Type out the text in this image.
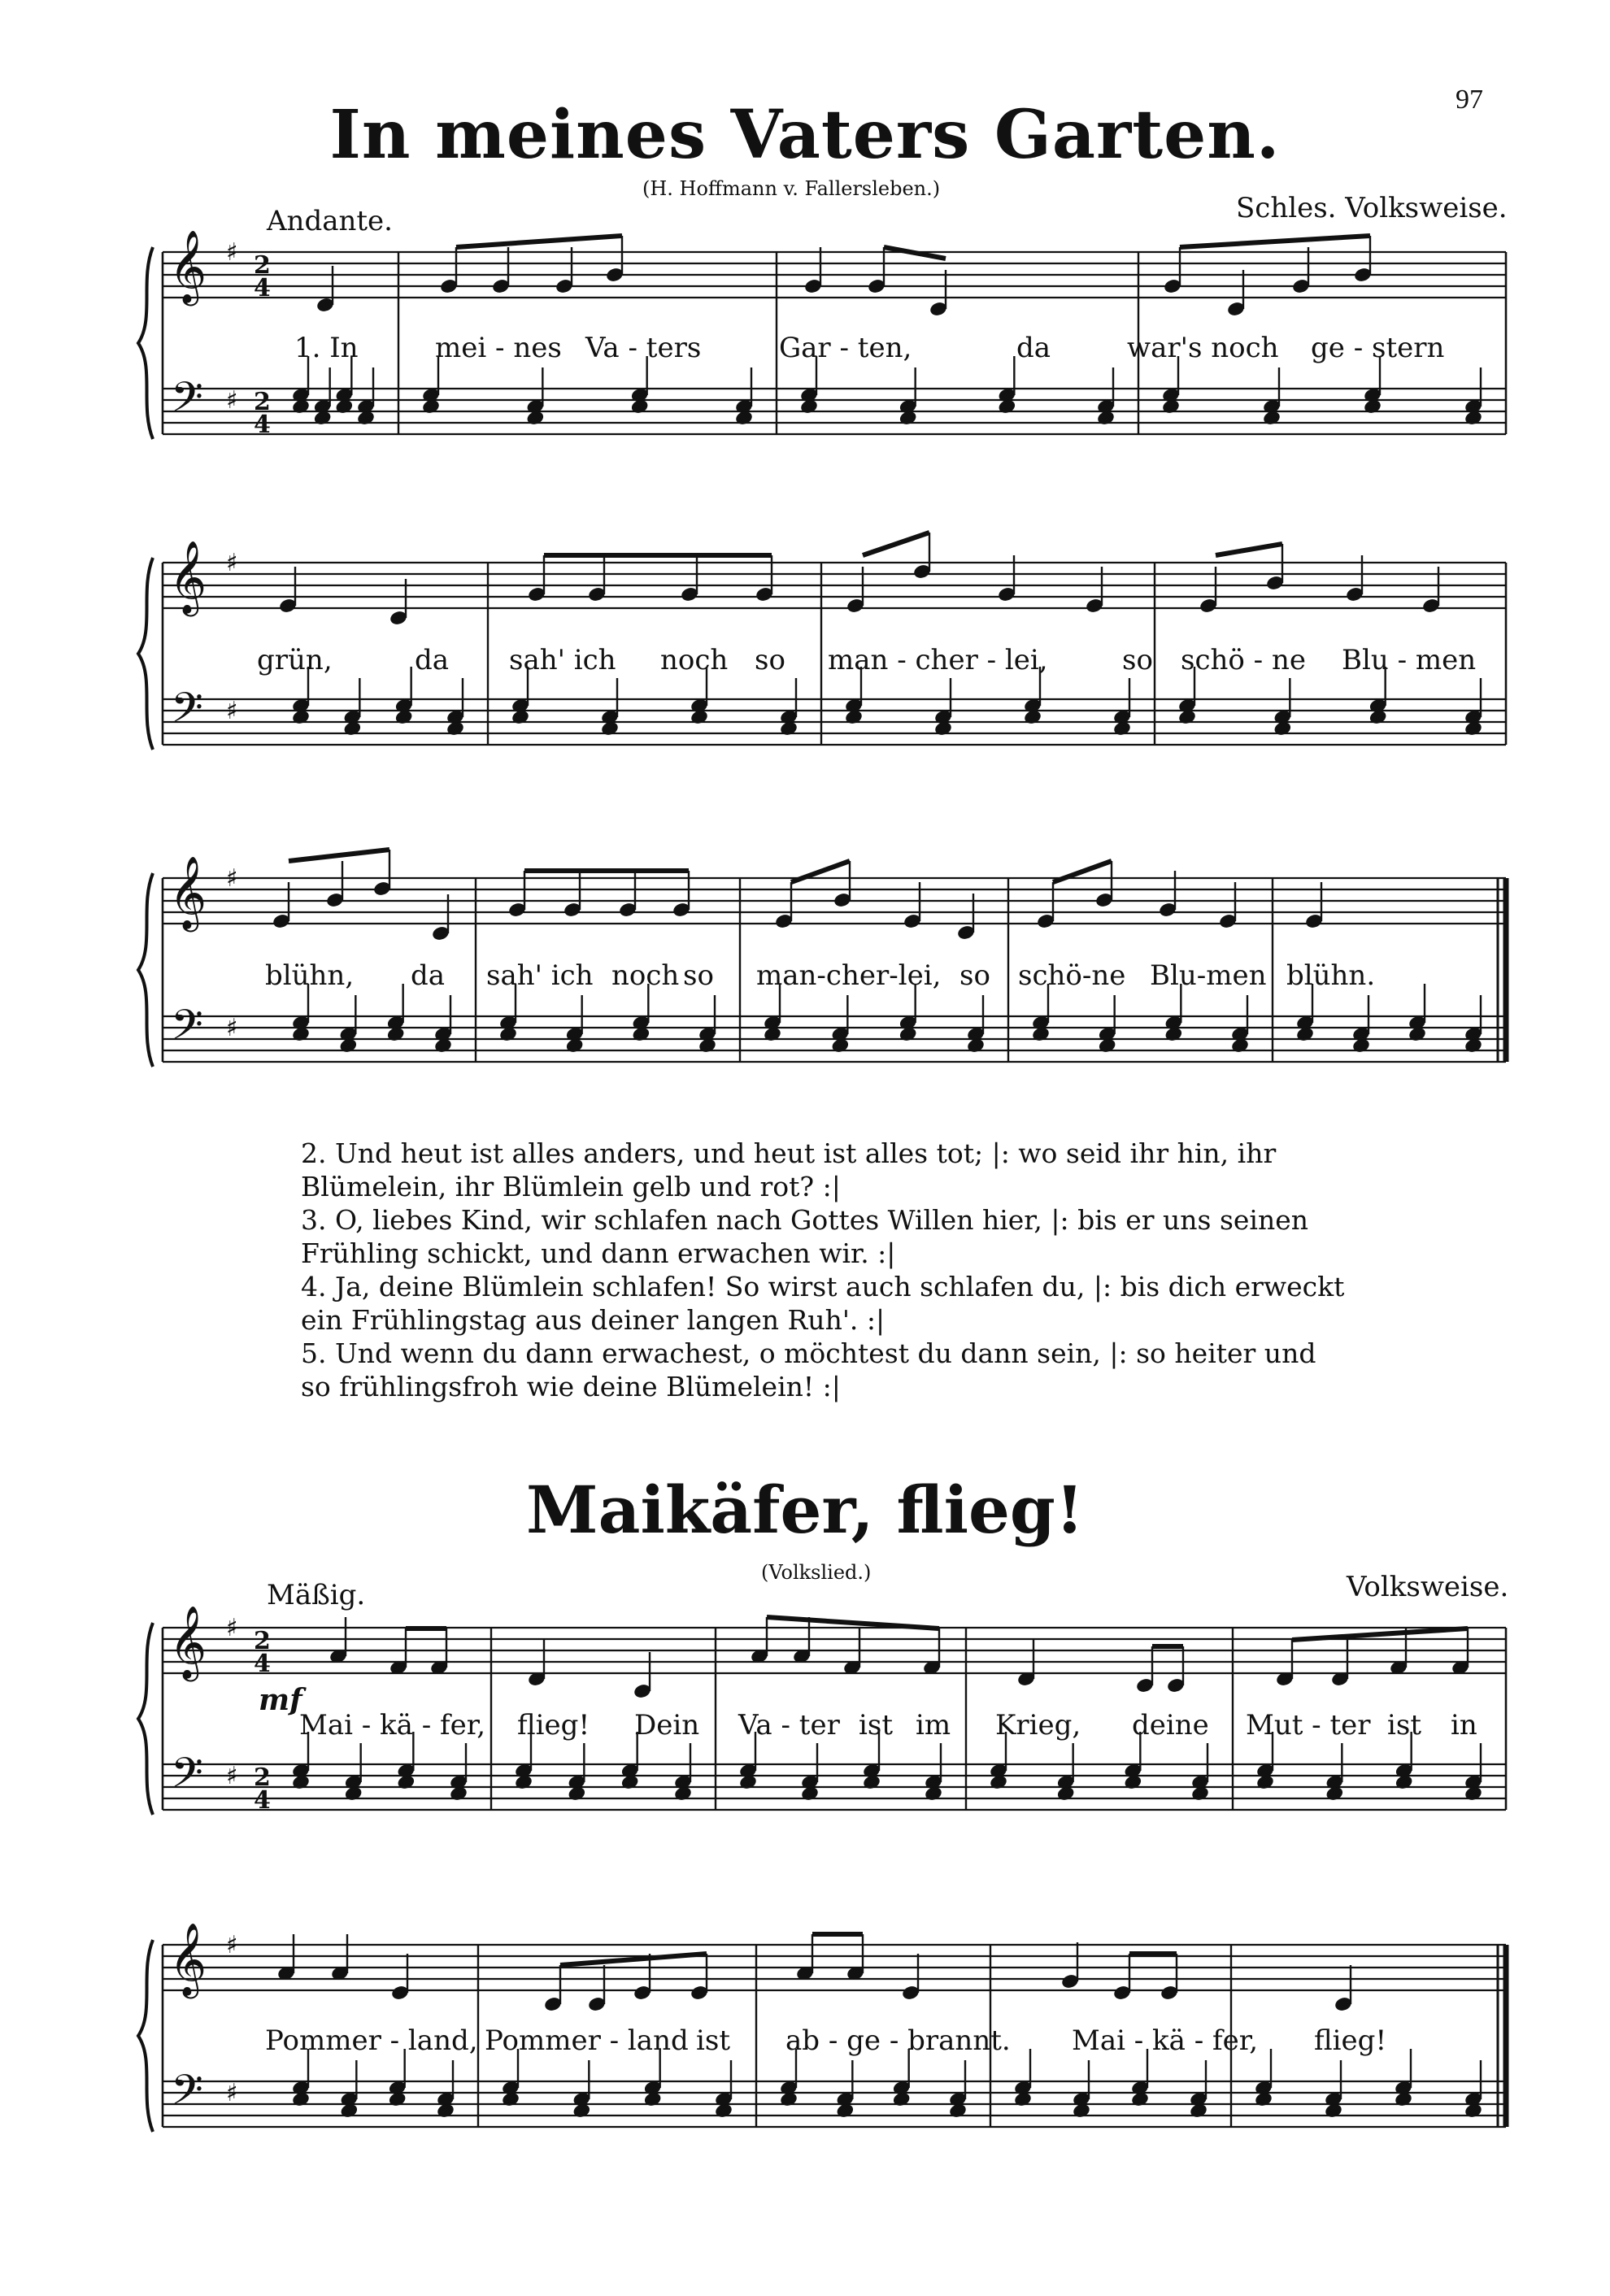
97
In meines Vaters Garten.
(H. Hoffmann v. Fallersleben.)
Andante.	Schles. Volksweise.
1. In	mei - nes Va - ters	Gar - ten,	da	war's noch ge - stern
grün,	da sah' ich noch so man - cher - lei,	so schö - ne Blu - men
blühn, da sah' ich noch so man-cher-lei, so schö-ne Blu-men blühn.

2. Und heut ist alles anders, und heut ist alles tot; |: wo seid ihr hin, ihr

Blümelein, ihr Blümlein gelb und rot? :|

3. O, liebes Kind, wir schlafen nach Gottes Willen hier, |: bis er uns seinen

Frühling schickt, und dann erwachen wir. :|

4. Ja, deine Blümlein schlafen! So wirst auch schlafen du, |: bis dich erweckt

ein Frühlingstag aus deiner langen Ruh'. :|

5. Und wenn du dann erwachest, o möchtest du dann sein, |: so heiter und

so frühlingsfroh wie deine Blümelein! :|

Maikäfer, flieg!
(Volkslied.)
Mäßig.	Volksweise.
mf
Mai - kä - fer, flieg! Dein Va - ter ist im Krieg, deine Mut - ter ist in
Pommer - land, Pommer - land ist ab - ge - brannt. Mai - kä - fer, flieg!
𝄞
𝄢
♯
♯
2
4
2
4
𝄞
𝄢
♯
♯
𝄞
𝄢
♯
♯
𝄞
𝄢
♯
♯
2
4
2
4
𝄞
𝄢
♯
♯
